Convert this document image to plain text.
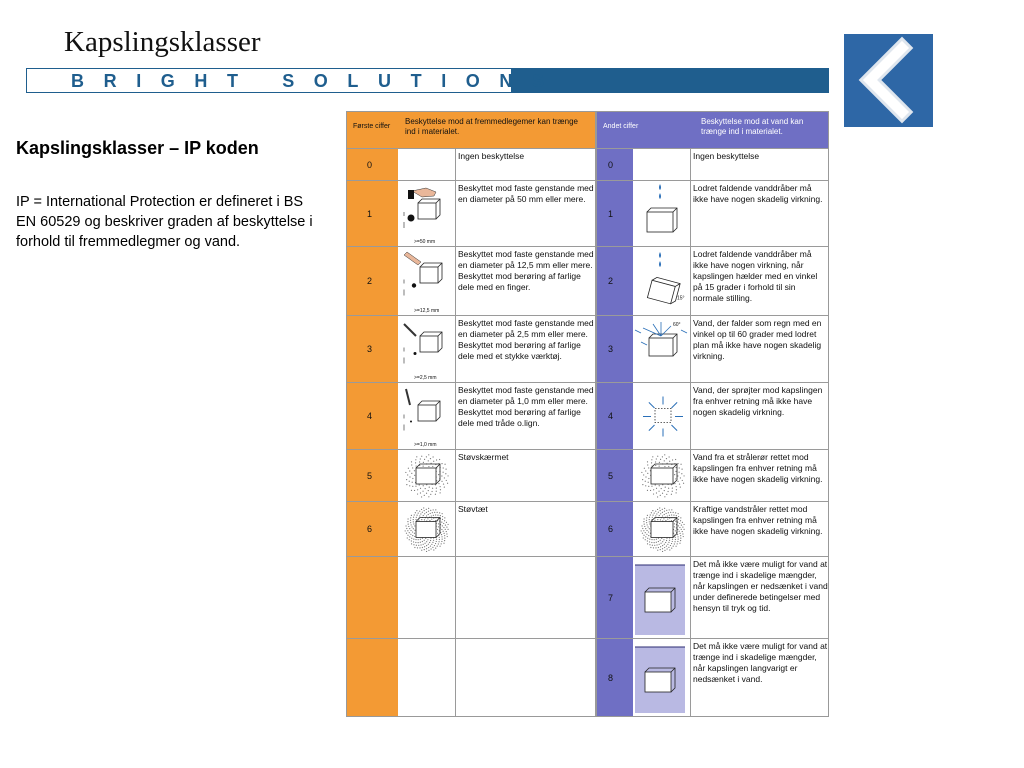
Kapslingsklasser
BRIGHT SOLUTIONS
Kapslingsklasser – IP koden
IP = International Protection er defineret i BS EN 60529 og beskriver graden af beskyttelse i forhold til fremmedlegmer og vand.
Første ciffer
Beskyttelse mod at fremmedlegemer kan trænge ind i materialet.
0
Ingen beskyttelse
1
>=50 mm
Beskyttet mod faste genstande med en diameter på 50 mm eller mere.
2
>=12,5 mm
Beskyttet mod faste genstande med en diameter på 12,5 mm eller mere. Beskyttet mod berøring af farlige dele med en finger.
3
>=2,5 mm
Beskyttet mod faste genstande med en diameter på 2,5 mm eller mere. Beskyttet mod berøring af farlige dele med et stykke værktøj.
4
>=1,0 mm
Beskyttet mod faste genstande med en diameter på 1,0 mm eller mere. Beskyttet mod berøring af farlige dele med tråde o.lign.
5
Støvskærmet
6
Støvtæt
Andet ciffer
Beskyttelse mod at vand kan trænge ind i materialet.
0
Ingen beskyttelse
1
Lodret faldende vanddråber må ikke have nogen skadelig virkning.
2
15°
Lodret faldende vanddråber må ikke have nogen virkning, når kapslingen hælder med en vinkel på 15 grader i forhold til sin normale stilling.
3
60° Vand, der falder som regn med en vinkel op til 60 grader med lodret plan må ikke have nogen skadelig virkning.
4
Vand, der sprøjter mod kapslingen fra enhver retning må ikke have nogen skadelig virkning.
5
Vand fra et strålerør rettet mod kapslingen fra enhver retning må ikke have nogen skadelig virkning.
6
Kraftige vandstråler rettet mod kapslingen fra enhver retning må ikke have nogen skadelig virkning.
7
Det må ikke være muligt for vand at trænge ind i skadelige mængder, når kapslingen er nedsænket i vand under definerede betingelser med hensyn til tryk og tid.
8
Det må ikke være muligt for vand at trænge ind i skadelige mængder, når kapslingen langvarigt er nedsænket i vand.
